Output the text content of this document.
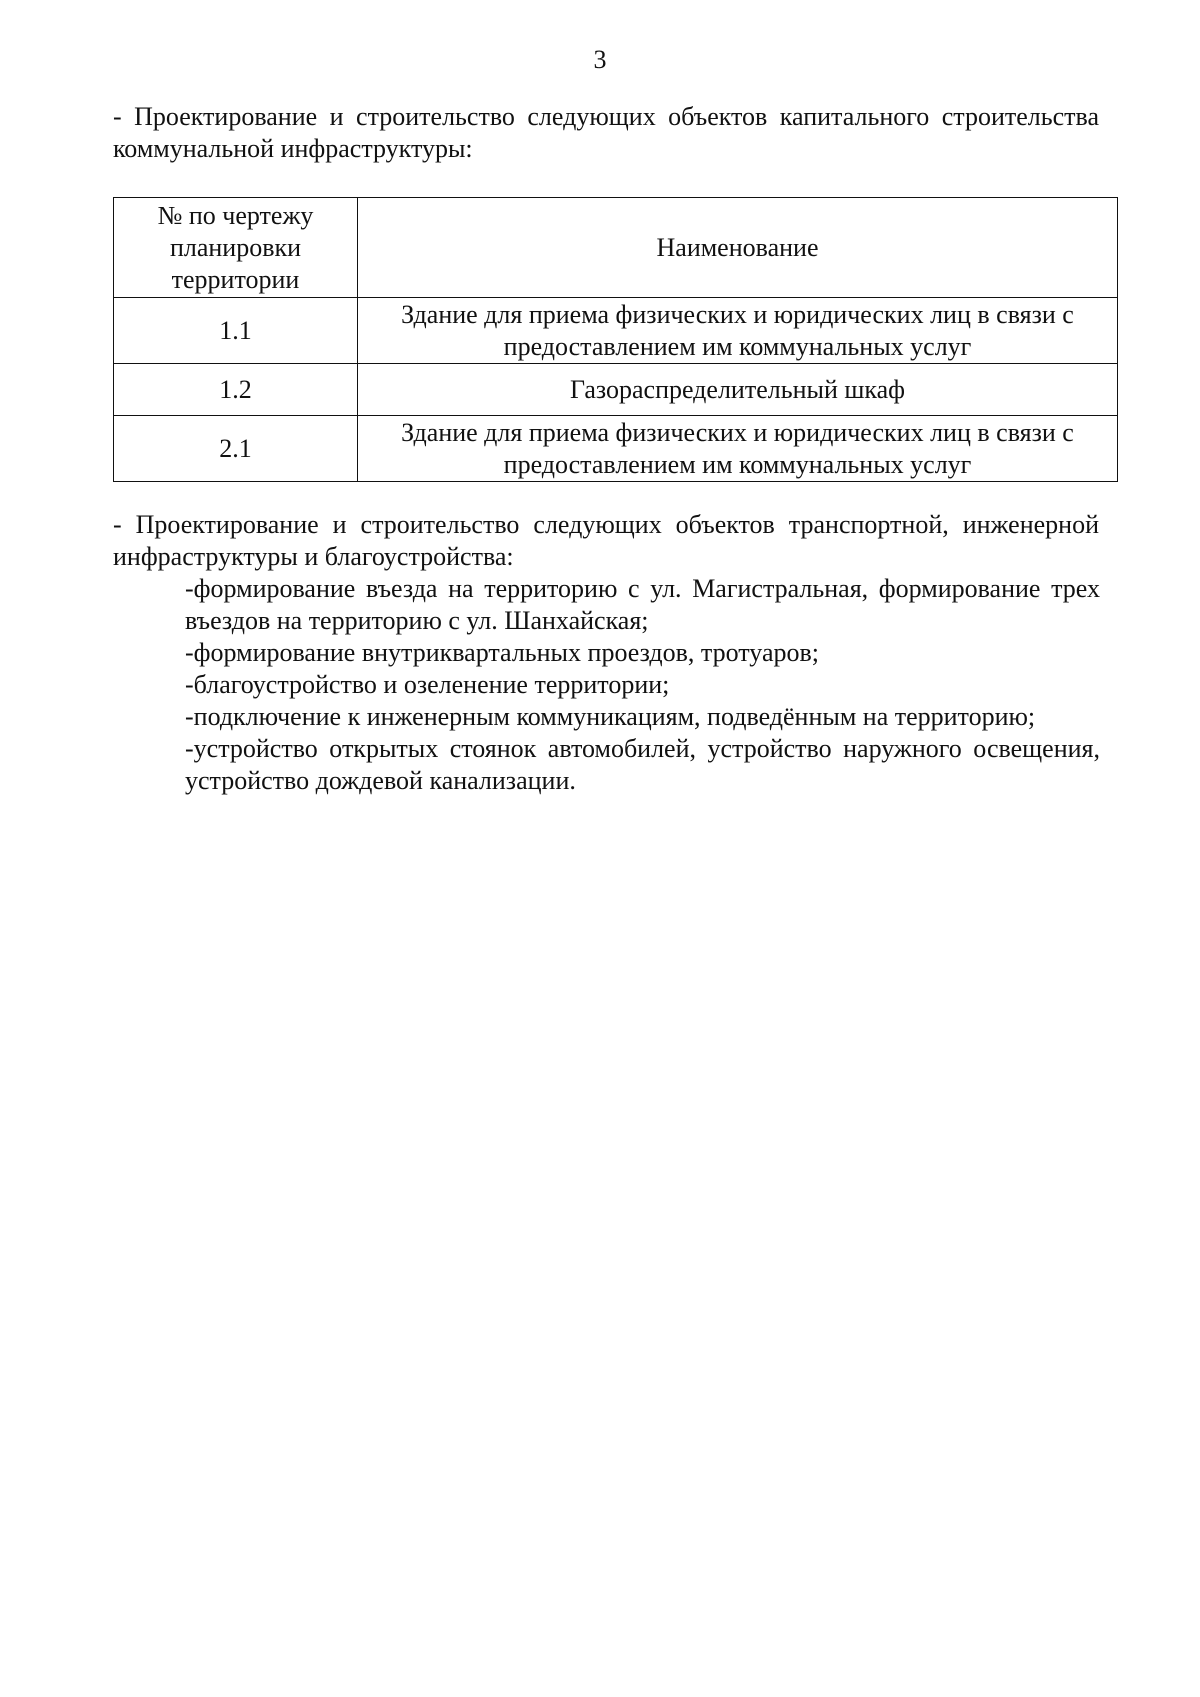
3

- Проектирование и строительство следующих объектов капитального строительства коммунальной инфраструктуры:

№ по чертежу планировки территории	Наименование
1.1	Здание для приема физических и юридических лиц в связи с предоставлением им коммунальных услуг
1.2	Газораспределительный шкаф
2.1	Здание для приема физических и юридических лиц в связи с предоставлением им коммунальных услуг

- Проектирование и строительство следующих объектов транспортной, инженерной инфраструктуры и благоустройства:

-формирование въезда на территорию с ул. Магистральная, формирование трех въездов на территорию с ул. Шанхайская;
-формирование внутриквартальных проездов, тротуаров;
-благоустройство и озеленение территории;
-подключение к инженерным коммуникациям, подведённым на территорию;
-устройство открытых стоянок автомобилей, устройство наружного освещения, устройство дождевой канализации.
